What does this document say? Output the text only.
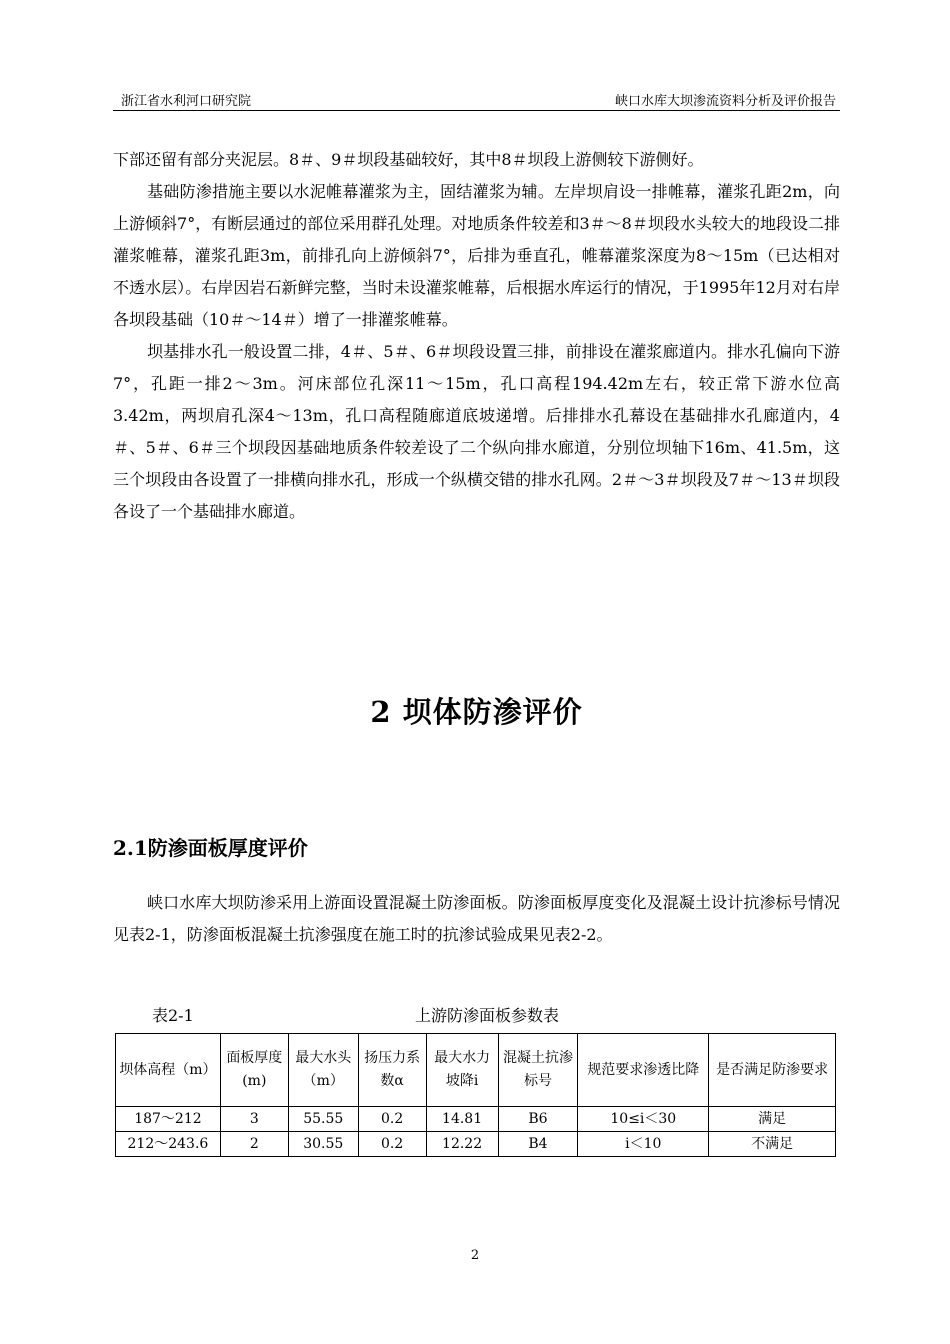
浙江省水利河口研究院	峡口水库大坝渗流资料分析及评价报告

下部还留有部分夹泥层。8＃、9＃坝段基础较好，其中8＃坝段上游侧较下游侧好。

基础防渗措施主要以水泥帷幕灌浆为主，固结灌浆为辅。左岸坝肩设一排帷幕，灌浆孔距2m，向上游倾斜7°，有断层通过的部位采用群孔处理。对地质条件较差和3＃～8＃坝段水头较大的地段设二排灌浆帷幕，灌浆孔距3m，前排孔向上游倾斜7°，后排为垂直孔，帷幕灌浆深度为8～15m（已达相对不透水层）。右岸因岩石新鲜完整，当时未设灌浆帷幕，后根据水库运行的情况，于1995年12月对右岸各坝段基础（10＃～14＃）增了一排灌浆帷幕。

坝基排水孔一般设置二排，4＃、5＃、6＃坝段设置三排，前排设在灌浆廊道内。排水孔偏向下游7°，孔距一排2～3m。河床部位孔深11～15m，孔口高程194.42m左右，较正常下游水位高3.42m，两坝肩孔深4～13m，孔口高程随廊道底坡递增。后排排水孔幕设在基础排水孔廊道内，4＃、5＃、6＃三个坝段因基础地质条件较差设了二个纵向排水廊道，分别位坝轴下16m、41.5m，这三个坝段由各设置了一排横向排水孔，形成一个纵横交错的排水孔网。2＃～3＃坝段及7＃～13＃坝段各设了一个基础排水廊道。

2 坝体防渗评价
2.1防渗面板厚度评价

峡口水库大坝防渗采用上游面设置混凝土防渗面板。防渗面板厚度变化及混凝土设计抗渗标号情况见表2-1，防渗面板混凝土抗渗强度在施工时的抗渗试验成果见表2-2。

表2-1	上游防渗面板参数表
坝体高程（m）	面板厚度(m)	最大水头（m）	扬压力系数α	最大水力坡降i	混凝土抗渗标号	规范要求渗透比降	是否满足防渗要求
187～212	3	55.55	0.2	14.81	B6	10≤i＜30	满足
212～243.6	2	30.55	0.2	12.22	B4	i＜10	不满足
2
